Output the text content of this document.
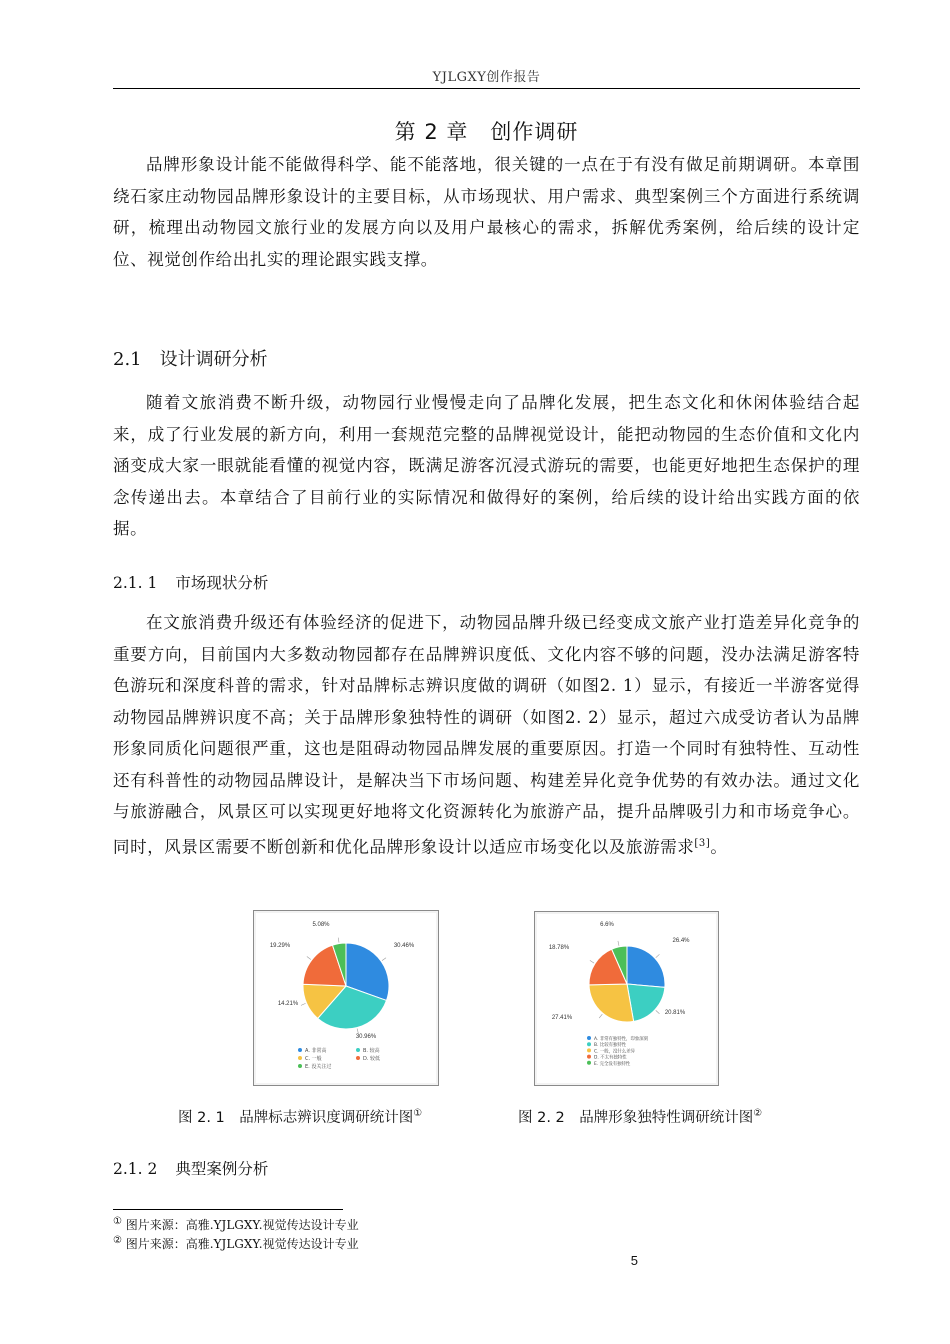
YJLGXY创作报告
第 2 章　创作调研

品牌形象设计能不能做得科学、能不能落地，很关键的一点在于有没有做足前期调研。本章围绕石家庄动物园品牌形象设计的主要目标，从市场现状、用户需求、典型案例三个方面进行系统调研，梳理出动物园文旅行业的发展方向以及用户最核心的需求，拆解优秀案例，给后续的设计定位、视觉创作给出扎实的理论跟实践支撑。

2.1 设计调研分析

随着文旅消费不断升级，动物园行业慢慢走向了品牌化发展，把生态文化和休闲体验结合起来，成了行业发展的新方向，利用一套规范完整的品牌视觉设计，能把动物园的生态价值和文化内涵变成大家一眼就能看懂的视觉内容，既满足游客沉浸式游玩的需要，也能更好地把生态保护的理念传递出去。本章结合了目前行业的实际情况和做得好的案例，给后续的设计给出实践方面的依据。

2.1. 1 市场现状分析

在文旅消费升级还有体验经济的促进下，动物园品牌升级已经变成文旅产业打造差异化竞争的重要方向，目前国内大多数动物园都存在品牌辨识度低、文化内容不够的问题，没办法满足游客特色游玩和深度科普的需求，针对品牌标志辨识度做的调研（如图2. 1）显示，有接近一半游客觉得动物园品牌辨识度不高；关于品牌形象独特性的调研（如图2. 2）显示，超过六成受访者认为品牌形象同质化问题很严重，这也是阻碍动物园品牌发展的重要原因。打造一个同时有独特性、互动性还有科普性的动物园品牌设计，是解决当下市场问题、构建差异化竞争优势的有效办法。通过文化与旅游融合，风景区可以实现更好地将文化资源转化为旅游产品，提升品牌吸引力和市场竞争心。同时，风景区需要不断创新和优化品牌形象设计以适应市场变化以及旅游需求[3]。

30.46%
30.96%
14.21%
19.29%
5.08%
A. 非常高	B. 较高
C. 一般	D. 较低
E. 没关注过
26.4%
20.81%
27.41%
18.78%
6.6%
A. 非常有独特性，印象深刻
B. 比较有独特性
C. 一般，没什么差异
D. 不太有独特性
E. 完全没有独特性
图 2. 1　品牌标志辨识度调研统计图①	图 2. 2　品牌形象独特性调研统计图②
2.1. 2 典型案例分析
① 图片来源：高雅.YJLGXY.视觉传达设计专业
② 图片来源：高雅.YJLGXY.视觉传达设计专业
5
